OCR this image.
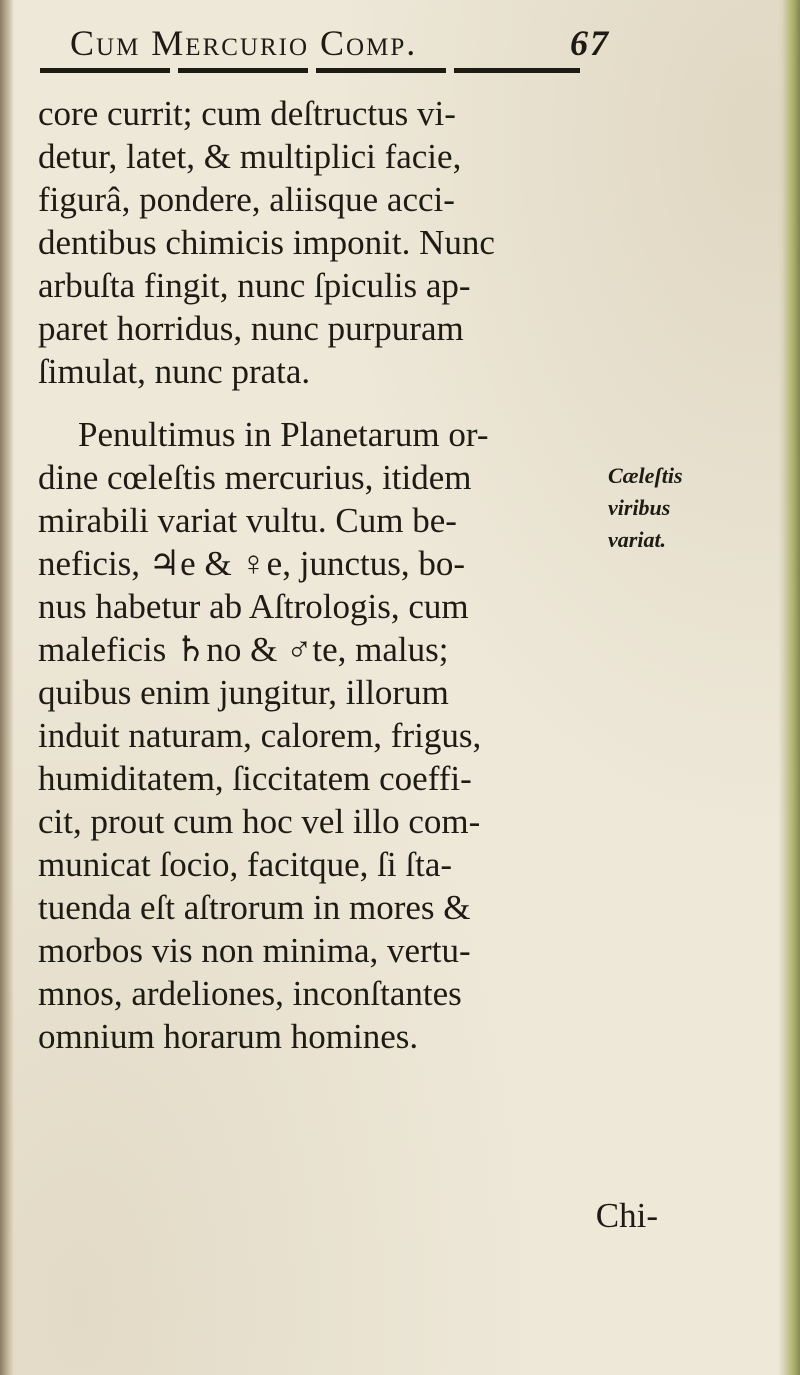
Cum Mercurio Comp.	67
core currit; cum deſtructus vi-
detur, latet, & multiplici facie,
figurâ, pondere, aliisque acci-
dentibus chimicis imponit. Nunc
arbuſta fingit, nunc ſpiculis ap-
paret horridus, nunc purpuram
ſimulat, nunc prata.
Penultimus in Planetarum or-
dine cœleſtis mercurius, itidem
mirabili variat vultu. Cum be-
neficis, ♃e & ♀e, junctus, bo-
nus habetur ab Aſtrologis, cum
maleficis ♄no & ♂te, malus;
quibus enim jungitur, illorum
induit naturam, calorem, frigus,
humiditatem, ſiccitatem coeffi-
cit, prout cum hoc vel illo com-
municat ſocio, facitque, ſi ſta-
tuenda eſt aſtrorum in mores &
morbos vis non minima, vertu-
mnos, ardeliones, inconſtantes
omnium horarum homines.
Cæleſtis
viribus
variat.
Chi-
